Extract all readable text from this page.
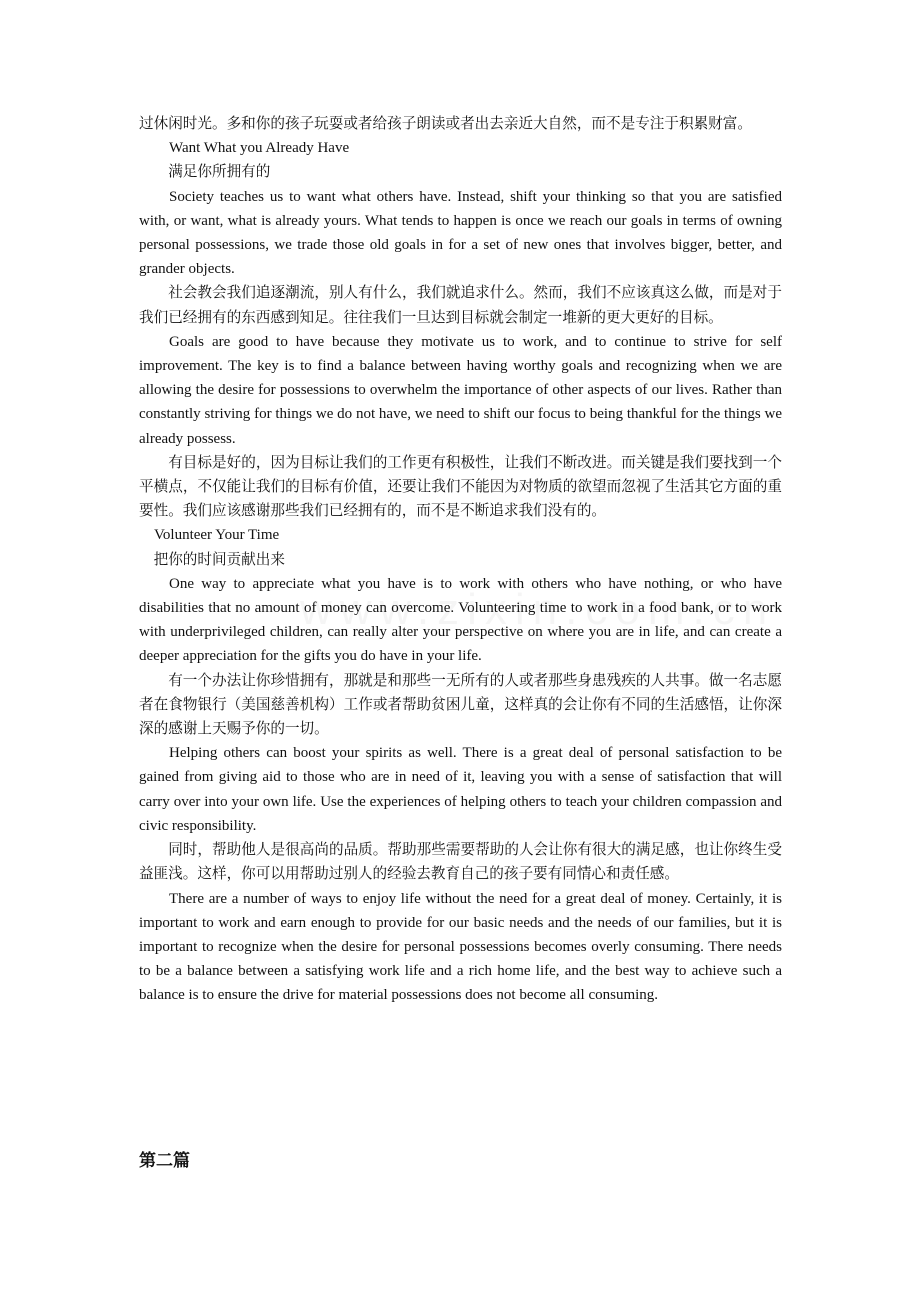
过休闲时光。多和你的孩子玩耍或者给孩子朗读或者出去亲近大自然，而不是专注于积累财富。

Want What you Already Have

满足你所拥有的

Society teaches us to want what others have. Instead, shift your thinking so that you are satisfied with, or want, what is already yours. What tends to happen is once we reach our goals in terms of owning personal possessions, we trade those old goals in for a set of new ones that involves bigger, better, and grander objects.

社会教会我们追逐潮流，别人有什么，我们就追求什么。然而，我们不应该真这么做，而是对于我们已经拥有的东西感到知足。往往我们一旦达到目标就会制定一堆新的更大更好的目标。

Goals are good to have because they motivate us to work, and to continue to strive for self improvement. The key is to find a balance between having worthy goals and recognizing when we are allowing the desire for possessions to overwhelm the importance of other aspects of our lives. Rather than constantly striving for things we do not have, we need to shift our focus to being thankful for the things we already possess.

有目标是好的，因为目标让我们的工作更有积极性，让我们不断改进。而关键是我们要找到一个平横点，不仅能让我们的目标有价值，还要让我们不能因为对物质的欲望而忽视了生活其它方面的重要性。我们应该感谢那些我们已经拥有的，而不是不断追求我们没有的。

Volunteer Your Time

把你的时间贡献出来

One way to appreciate what you have is to work with others who have nothing, or who have disabilities that no amount of money can overcome. Volunteering time to work in a food bank, or to work with underprivileged children, can really alter your perspective on where you are in life, and can create a deeper appreciation for the gifts you do have in your life.

有一个办法让你珍惜拥有，那就是和那些一无所有的人或者那些身患残疾的人共事。做一名志愿者在食物银行（美国慈善机构）工作或者帮助贫困儿童，这样真的会让你有不同的生活感悟，让你深深的感谢上天赐予你的一切。

Helping others can boost your spirits as well. There is a great deal of personal satisfaction to be gained from giving aid to those who are in need of it, leaving you with a sense of satisfaction that will carry over into your own life. Use the experiences of helping others to teach your children compassion and civic responsibility.

同时，帮助他人是很高尚的品质。帮助那些需要帮助的人会让你有很大的满足感，也让你终生受益匪浅。这样，你可以用帮助过别人的经验去教育自己的孩子要有同情心和责任感。

There are a number of ways to enjoy life without the need for a great deal of money. Certainly, it is important to work and earn enough to provide for our basic needs and the needs of our families, but it is important to recognize when the desire for personal possessions becomes overly consuming. There needs to be a balance between a satisfying work life and a rich home life, and the best way to achieve such a balance is to ensure the drive for material possessions does not become all consuming.

第二篇
